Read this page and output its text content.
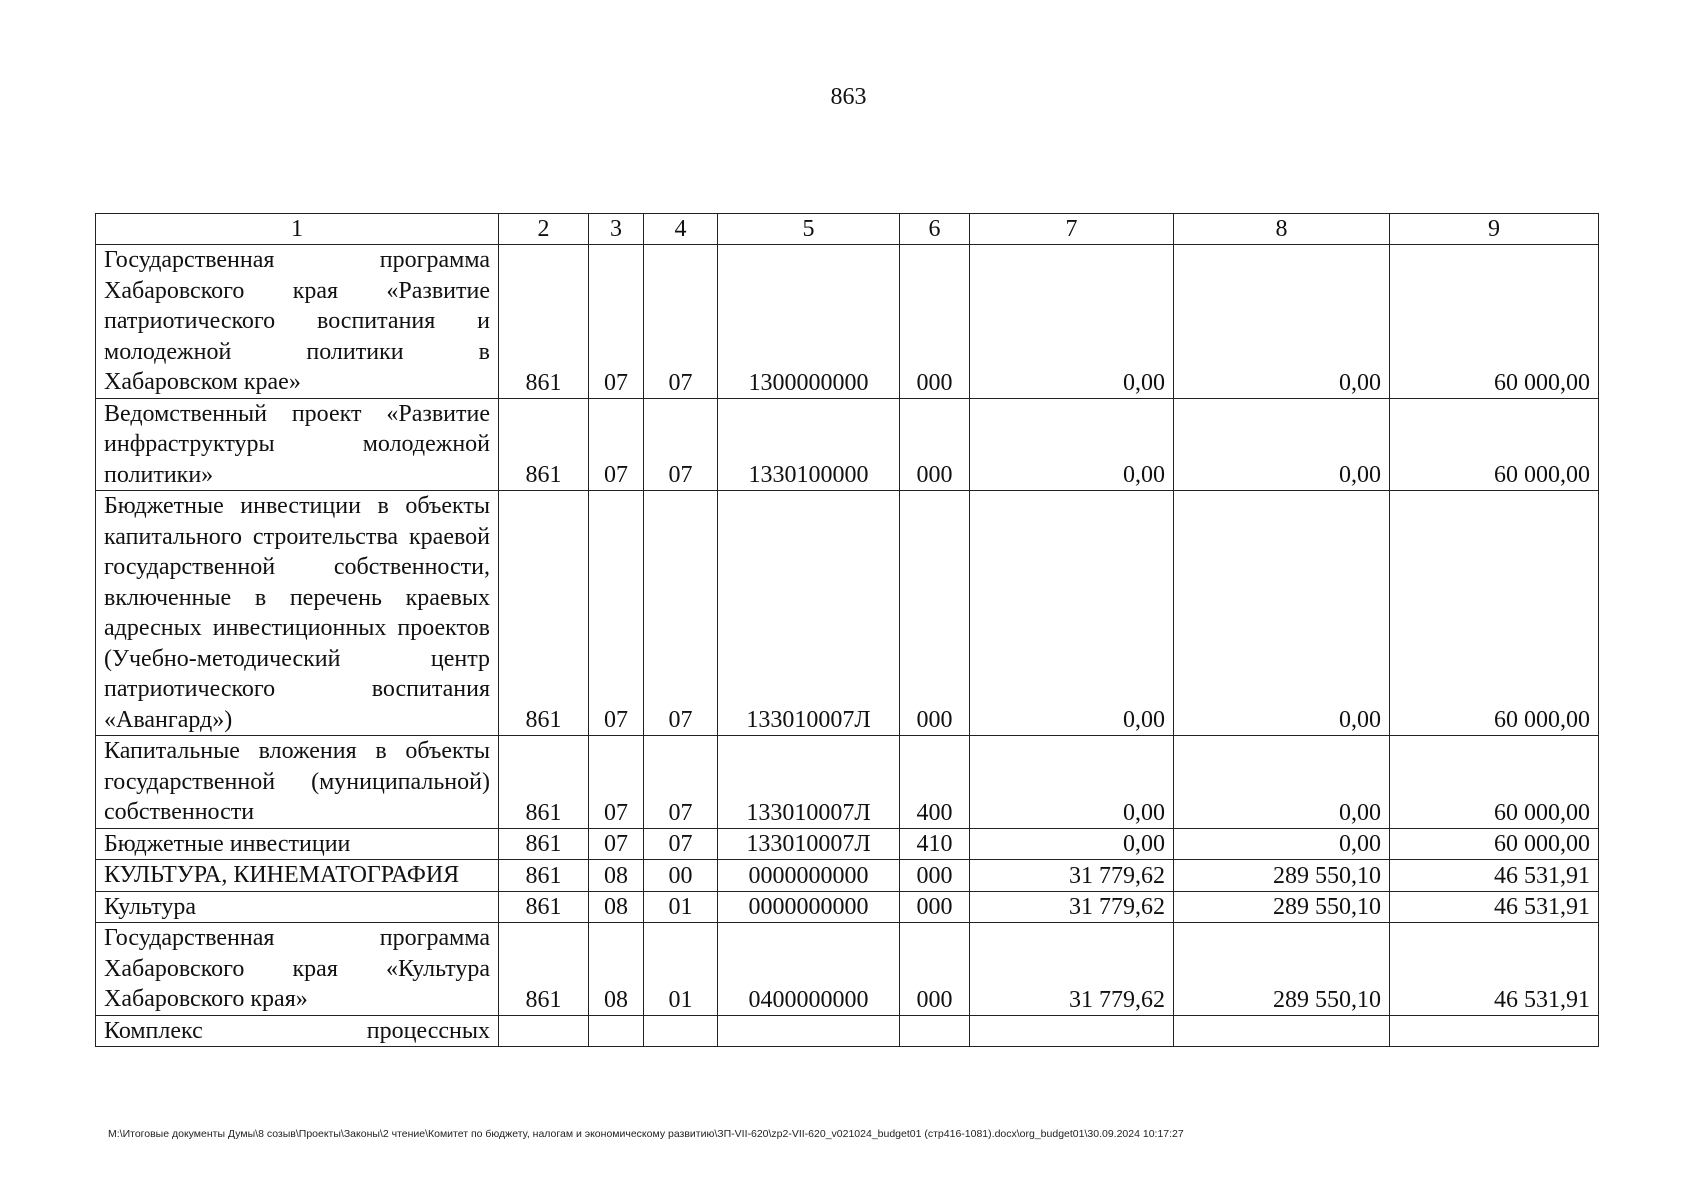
863
1	2	3	4	5	6	7	8	9
Государственная программа Хабаровского края «Развитие патриотического воспитания и молодежной политики в Хабаровском крае»	861	07	07	1300000000	000	0,00	0,00	60 000,00
Ведомственный проект «Развитие инфраструктуры молодежной политики»	861	07	07	1330100000	000	0,00	0,00	60 000,00
Бюджетные инвестиции в объекты капитального строительства краевой государственной собственности, включенные в перечень краевых адресных инвестиционных проектов (Учебно-методический центр патриотического воспитания «Авангард»)	861	07	07	133010007Л	000	0,00	0,00	60 000,00
Капитальные вложения в объекты государственной (муниципальной) собственности	861	07	07	133010007Л	400	0,00	0,00	60 000,00
Бюджетные инвестиции	861	07	07	133010007Л	410	0,00	0,00	60 000,00
КУЛЬТУРА, КИНЕМАТОГРАФИЯ	861	08	00	0000000000	000	31 779,62	289 550,10	46 531,91
Культура	861	08	01	0000000000	000	31 779,62	289 550,10	46 531,91
Государственная программа Хабаровского края «Культура Хабаровского края»	861	08	01	0400000000	000	31 779,62	289 550,10	46 531,91
Комплекс процессных								
M:\Итоговые документы Думы\8 созыв\Проекты\Законы\2 чтение\Комитет по бюджету, налогам и экономическому развитию\ЗП-VII-620\zp2-VII-620_v021024_budget01 (стр416-1081).docx\org_budget01\30.09.2024 10:17:27
